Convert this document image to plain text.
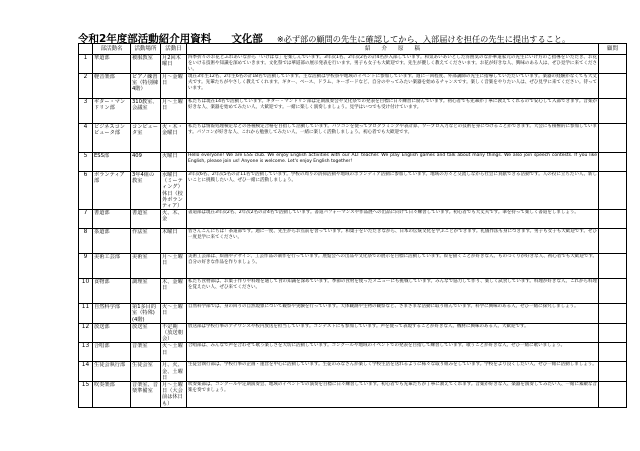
令和2年度部活動紹介用資料 文化部 ※必ず部の顧問の先生に確認してから、入部届けを担任の先生に提出すること。
	部活動名	活動場所	活動日	紹　　介　　原　　稿	顧問
1	華道部	被服教室	月2回木曜日	四季折々のお花とふれあいながら「いけばな」を楽しんでいます。3年次1名、2年次2名の計4名が入部しています。和気あいあいとした雰囲気のなか華道家元の先生にいけ方のご指導をいただき、お花をいける技術や知識を深めていきます。文化祭では華道部の展示発表を行います。男子も女子も大歓迎です。先生が優しく教えてくださいます。お花が好きな人、興味のある人は、ぜひ見学に来てください。	

2	軽音楽部	ピアノ練習室（特別棟4階）	月～金曜日	現在3年生12名、2年生6名の計18名で活動しています。主な活動は学校祭や地域のイベントに参加しています。週に一回程度、外部講師の先生に指導していただいています。楽器の経験がなくても大丈夫です。先輩たちがやさしく教えてくれます。ギター、ベース、ドラム、キーボードなど、自分のやってみたい楽器を始めるチャンスです。楽しく音楽をやりたい人は、ぜひ見学に来てください。待っています。	

3	ギター・マンドリン部	310教室、会議室	月～土曜日	私たちは現在14名で活動しています。ギター・マンドリン部は定期演奏会や文化祭での発表を目標に日々練習に励んでいます。初心者でも先輩が丁寧に教えてくれるので安心して入部できます。音楽が好きな人、楽器を始めてみたい人、大歓迎です。一緒に楽しく演奏しましょう。見学はいつでも受け付けています。	

4	ビジネスコンピュータ部	コンピュータ室	火・木・金曜日	私たちは情報処理検定などの各種検定合格を目指して活動しています。パソコンを使ってプログラミングや表計算、ワープロ入力などの技術を身につけることができます。大会にも積極的に参加しています。パソコンが好きな人、これから勉強してみたい人、一緒に楽しく活動しましょう。初心者でも大歓迎です。	

5	ESS部	409	火曜日	Hello everyone! We are ESS club. We enjoy English activities with our ALT teacher. We play English games and talk about many things. We also join speech contests. If you like English, please join us! Anyone is welcome. Let's enjoy English together!	

6	ボランティア部	3年4組の教室	水曜日（ミーティング）休日（校外ボランティア）	3年次6名、2年次5名の計11名で活動しています。学校の周りの清掃活動や地域のボランティア活動に参加しています。地域の方々と交流しながら社会に貢献できる活動です。人の役に立ちたい人、新しいことに挑戦したい人、ぜひ一緒に活動しましょう。	

7	書道部	書道室	火、木、金	書道部は現在3年次2名、2年次2名の計4名で活動しています。書道パフォーマンスや作品展への出品に向けて日々練習しています。初心者でも大丈夫です。筆を持って楽しく書道をしましょう。	

8	茶道部	作法室	木曜日	皆さんこんにちは！茶道部です。週に一度、先生からお点前を習っています。和菓子をいただきながら、日本の伝統文化を学ぶことができます。礼儀作法も身につきます。男子も女子も大歓迎です。ぜひ一度見学に来てください。	

9	美術工芸部	美術室	月～土曜日	美術工芸部は、絵画やデザイン、工芸作品の制作を行っています。展覧会への出品や文化祭での展示を目標に活動しています。絵を描くことが好きな人、ものづくりが好きな人、初心者でも大歓迎です。自分の好きな作品を作りましょう。	

10	食物部	調理室	木、金曜日	私たち食物部は、お菓子作りや料理を通して食の知識を深めています。季節の食材を使ったメニューにも挑戦しています。みんなで協力して作り、楽しく試食しています。料理が好きな人、これから料理を覚えたい人、ぜひ来てください。	

11	自然科学部	第1多目的室（特殊)(4階)	火～土曜日	自然科学部では、身の回りの自然現象について観察や実験を行っています。天体観測や生物の観察など、さまざまな活動に取り組んでいます。科学に興味のある人、ぜひ一緒に探究しましょう。	

12	放送部	放送室	不定期（放送朝会）	放送部は学校行事のアナウンスや校内放送を担当しています。コンテストにも参加しています。声を使って表現することが好きな人、機材に興味のある人、大歓迎です。	

13	合唱部	音楽室	火～土曜日	合唱部は、みんなで声を合わせて歌う楽しさを大切に活動しています。コンクールや地域のイベントでの発表を目指して練習しています。歌うことが好きな人、ぜひ一緒に歌いましょう。	

14	生徒会執行部	生徒会室	月、火、金、土曜日	生徒会執行部は、学校行事の企画・運営を中心に活動しています。生徒のみなさんが楽しく学校生活を送れるように様々な取り組みをしています。学校をより良くしたい人、ぜひ一緒に活動しましょう。	

15	吹奏楽部	音楽室、音楽準備室	月～土曜日（大会前は休日も）	吹奏楽部は、コンクールや定期演奏会、地域のイベントでの演奏を目標に日々練習しています。初心者でも先輩たちが丁寧に教えてくれます。音楽が好きな人、楽器を演奏してみたい人、一緒に素敵な音楽を奏でましょう。	
